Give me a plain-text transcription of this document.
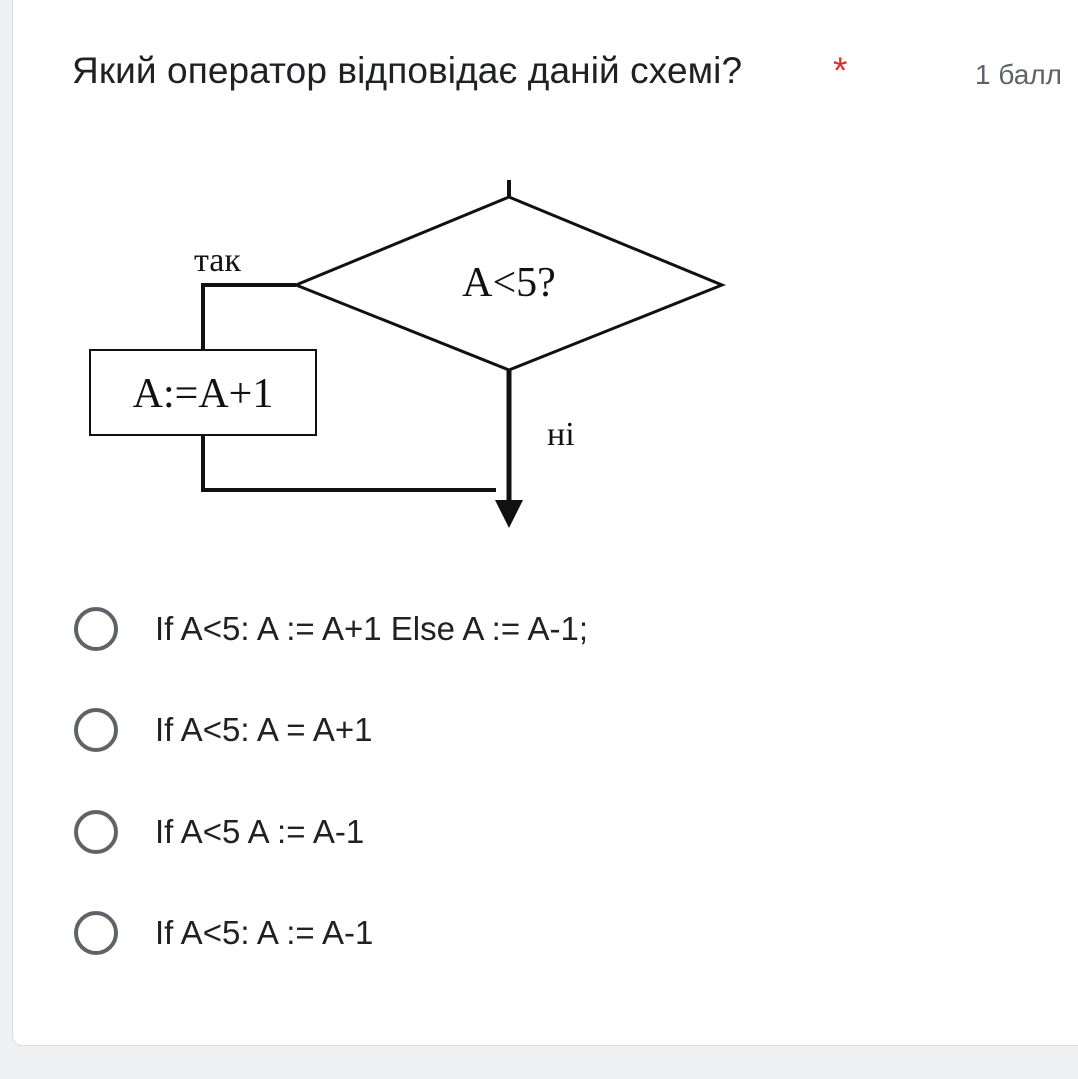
Який оператор відповідає даній схемі? *	1 балл
A<5?
так
A:=A+1
ні
If A<5: A := A+1 Else A := A-1;
If A<5: A = A+1
If A<5 A := A-1
If A<5: A := A-1
